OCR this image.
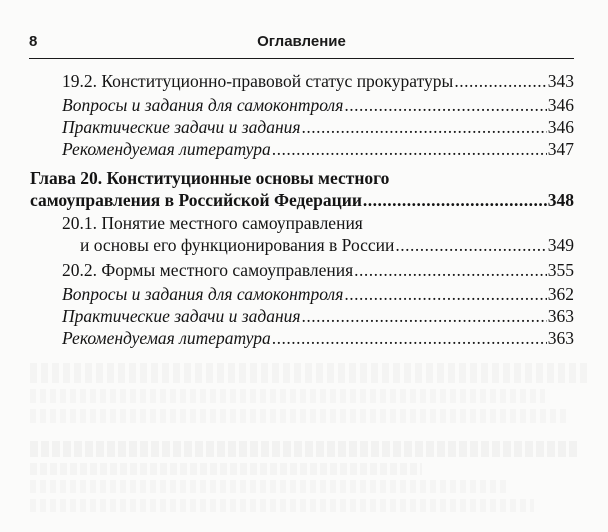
8	Оглавление
19.2. Конституционно-правовой статус прокуратуры .....	343
Вопросы и задания для самоконтроля .....	346
Практические задачи и задания .....	346
Рекомендуемая литература .....	347
Глава 20. Конституционные основы местного
самоуправления в Российской Федерации .....	348
20.1. Понятие местного самоуправления
и основы его функционирования в России .....	349
20.2. Формы местного самоуправления .....	355
Вопросы и задания для самоконтроля .....	362
Практические задачи и задания .....	363
Рекомендуемая литература .....	363
